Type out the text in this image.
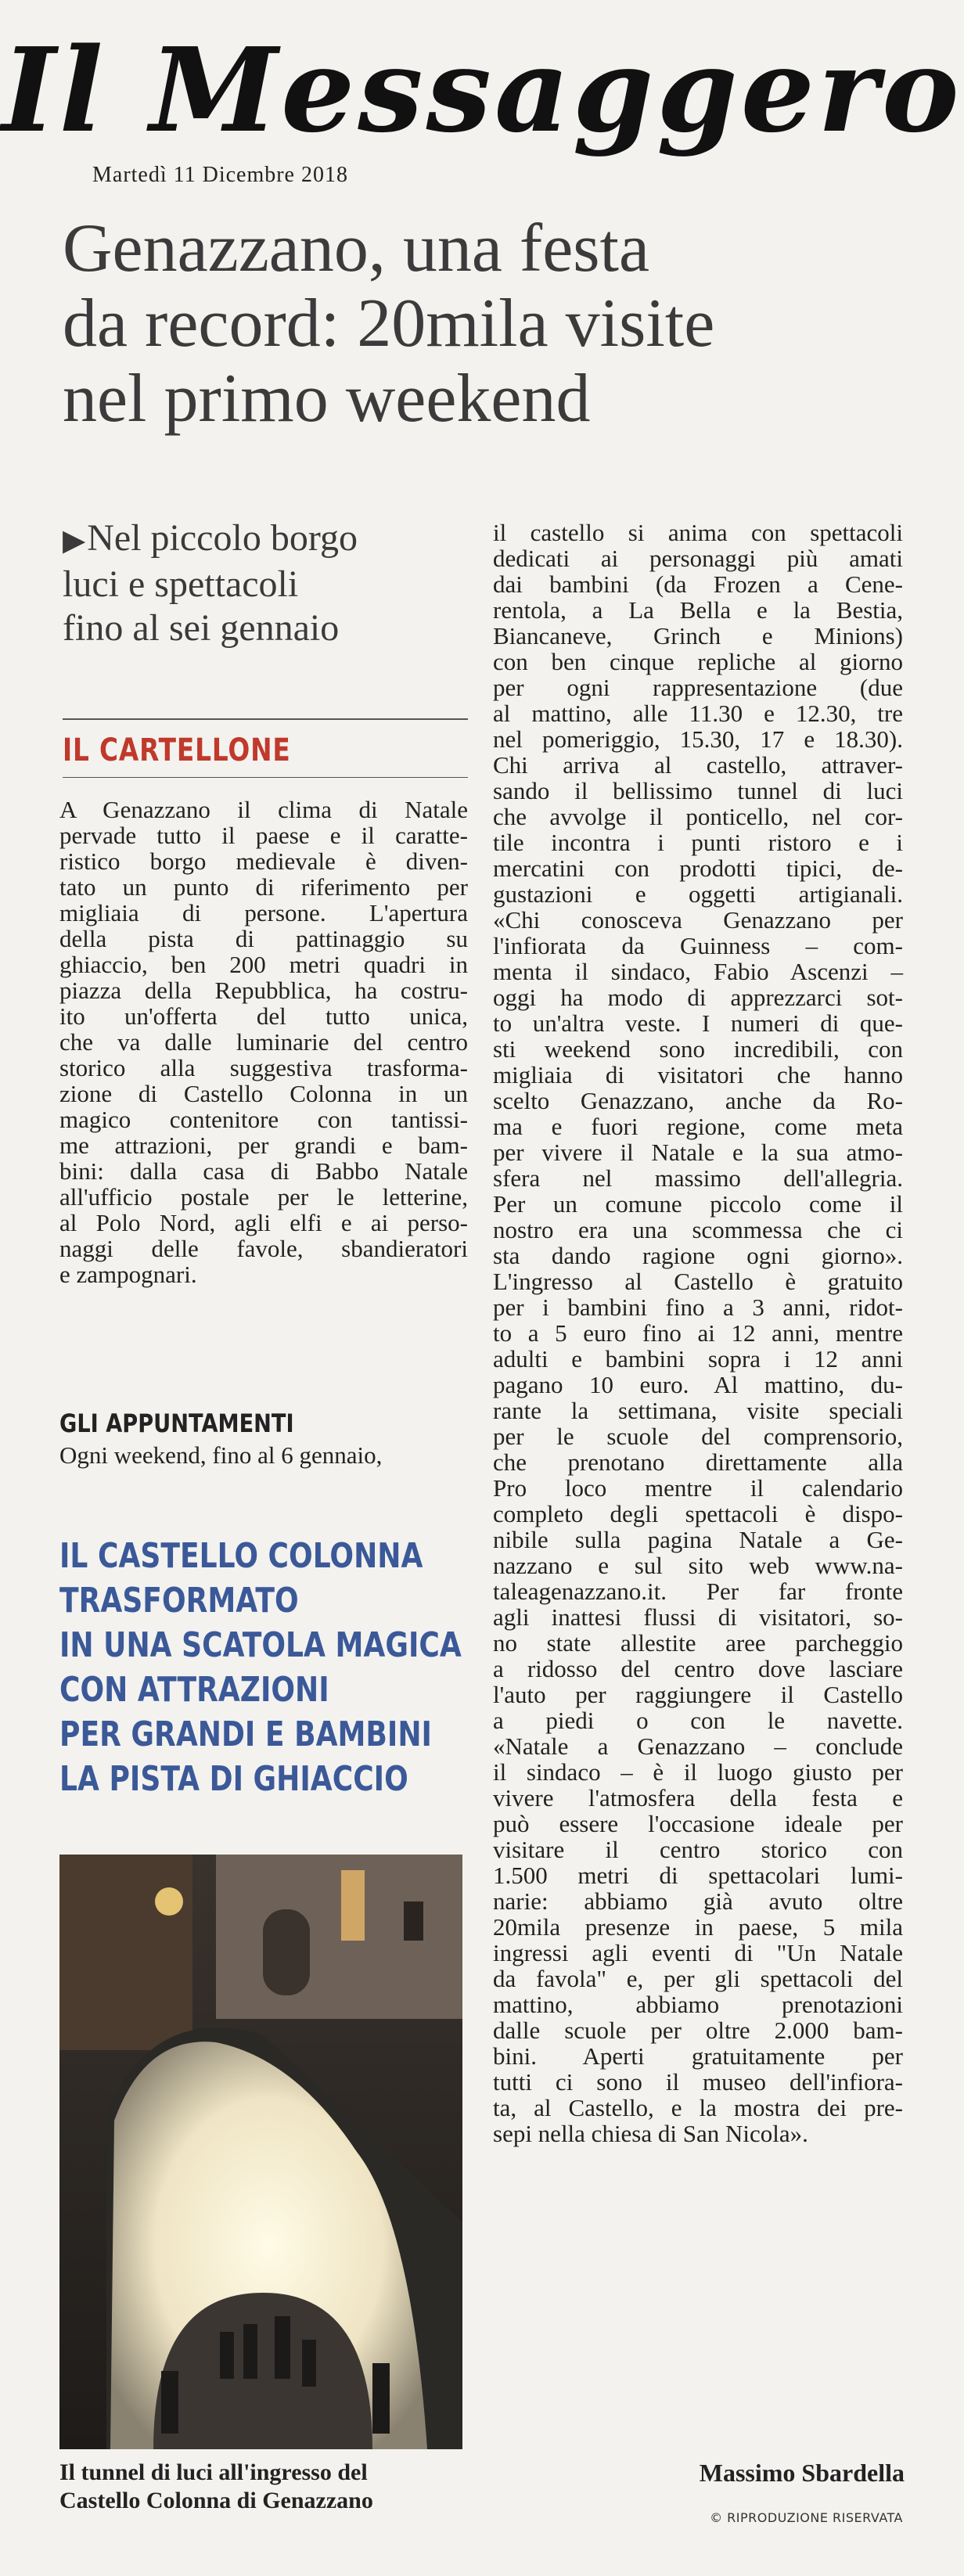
Il Messaggero
Martedì 11 Dicembre 2018
Genazzano, una festa
da record: 20mila visite
nel primo weekend
▶Nel piccolo borgo
luci e spettacoli
fino al sei gennaio
IL CARTELLONE
A Genazzano il clima di Natale
pervade tutto il paese e il caratte-
ristico borgo medievale è diven-
tato un punto di riferimento per
migliaia di persone. L'apertura
della pista di pattinaggio su
ghiaccio, ben 200 metri quadri in
piazza della Repubblica, ha costru-
ito un'offerta del tutto unica,
che va dalle luminarie del centro
storico alla suggestiva trasforma-
zione di Castello Colonna in un
magico contenitore con tantissi-
me attrazioni, per grandi e bam-
bini: dalla casa di Babbo Natale
all'ufficio postale per le letterine,
al Polo Nord, agli elfi e ai perso-
naggi delle favole, sbandieratori
e zampognari.
GLI APPUNTAMENTI
Ogni weekend, fino al 6 gennaio,
IL CASTELLO COLONNA
TRASFORMATO
IN UNA SCATOLA MAGICA
CON ATTRAZIONI
PER GRANDI E BAMBINI
LA PISTA DI GHIACCIO
Il tunnel di luci all'ingresso del
Castello Colonna di Genazzano
il castello si anima con spettacoli
dedicati ai personaggi più amati
dai bambini (da Frozen a Cene-
rentola, a La Bella e la Bestia,
Biancaneve, Grinch e Minions)
con ben cinque repliche al giorno
per ogni rappresentazione (due
al mattino, alle 11.30 e 12.30, tre
nel pomeriggio, 15.30, 17 e 18.30).
Chi arriva al castello, attraver-
sando il bellissimo tunnel di luci
che avvolge il ponticello, nel cor-
tile incontra i punti ristoro e i
mercatini con prodotti tipici, de-
gustazioni e oggetti artigianali.
«Chi conosceva Genazzano per
l'infiorata da Guinness – com-
menta il sindaco, Fabio Ascenzi –
oggi ha modo di apprezzarci sot-
to un'altra veste. I numeri di que-
sti weekend sono incredibili, con
migliaia di visitatori che hanno
scelto Genazzano, anche da Ro-
ma e fuori regione, come meta
per vivere il Natale e la sua atmo-
sfera nel massimo dell'allegria.
Per un comune piccolo come il
nostro era una scommessa che ci
sta dando ragione ogni giorno».
L'ingresso al Castello è gratuito
per i bambini fino a 3 anni, ridot-
to a 5 euro fino ai 12 anni, mentre
adulti e bambini sopra i 12 anni
pagano 10 euro. Al mattino, du-
rante la settimana, visite speciali
per le scuole del comprensorio,
che prenotano direttamente alla
Pro loco mentre il calendario
completo degli spettacoli è dispo-
nibile sulla pagina Natale a Ge-
nazzano e sul sito web www.na-
taleagenazzano.it. Per far fronte
agli inattesi flussi di visitatori, so-
no state allestite aree parcheggio
a ridosso del centro dove lasciare
l'auto per raggiungere il Castello
a piedi o con le navette.
«Natale a Genazzano – conclude
il sindaco – è il luogo giusto per
vivere l'atmosfera della festa e
può essere l'occasione ideale per
visitare il centro storico con
1.500 metri di spettacolari lumi-
narie: abbiamo già avuto oltre
20mila presenze in paese, 5 mila
ingressi agli eventi di "Un Natale
da favola" e, per gli spettacoli del
mattino, abbiamo prenotazioni
dalle scuole per oltre 2.000 bam-
bini. Aperti gratuitamente per
tutti ci sono il museo dell'infiora-
ta, al Castello, e la mostra dei pre-
sepi nella chiesa di San Nicola».
Massimo Sbardella
© RIPRODUZIONE RISERVATA
